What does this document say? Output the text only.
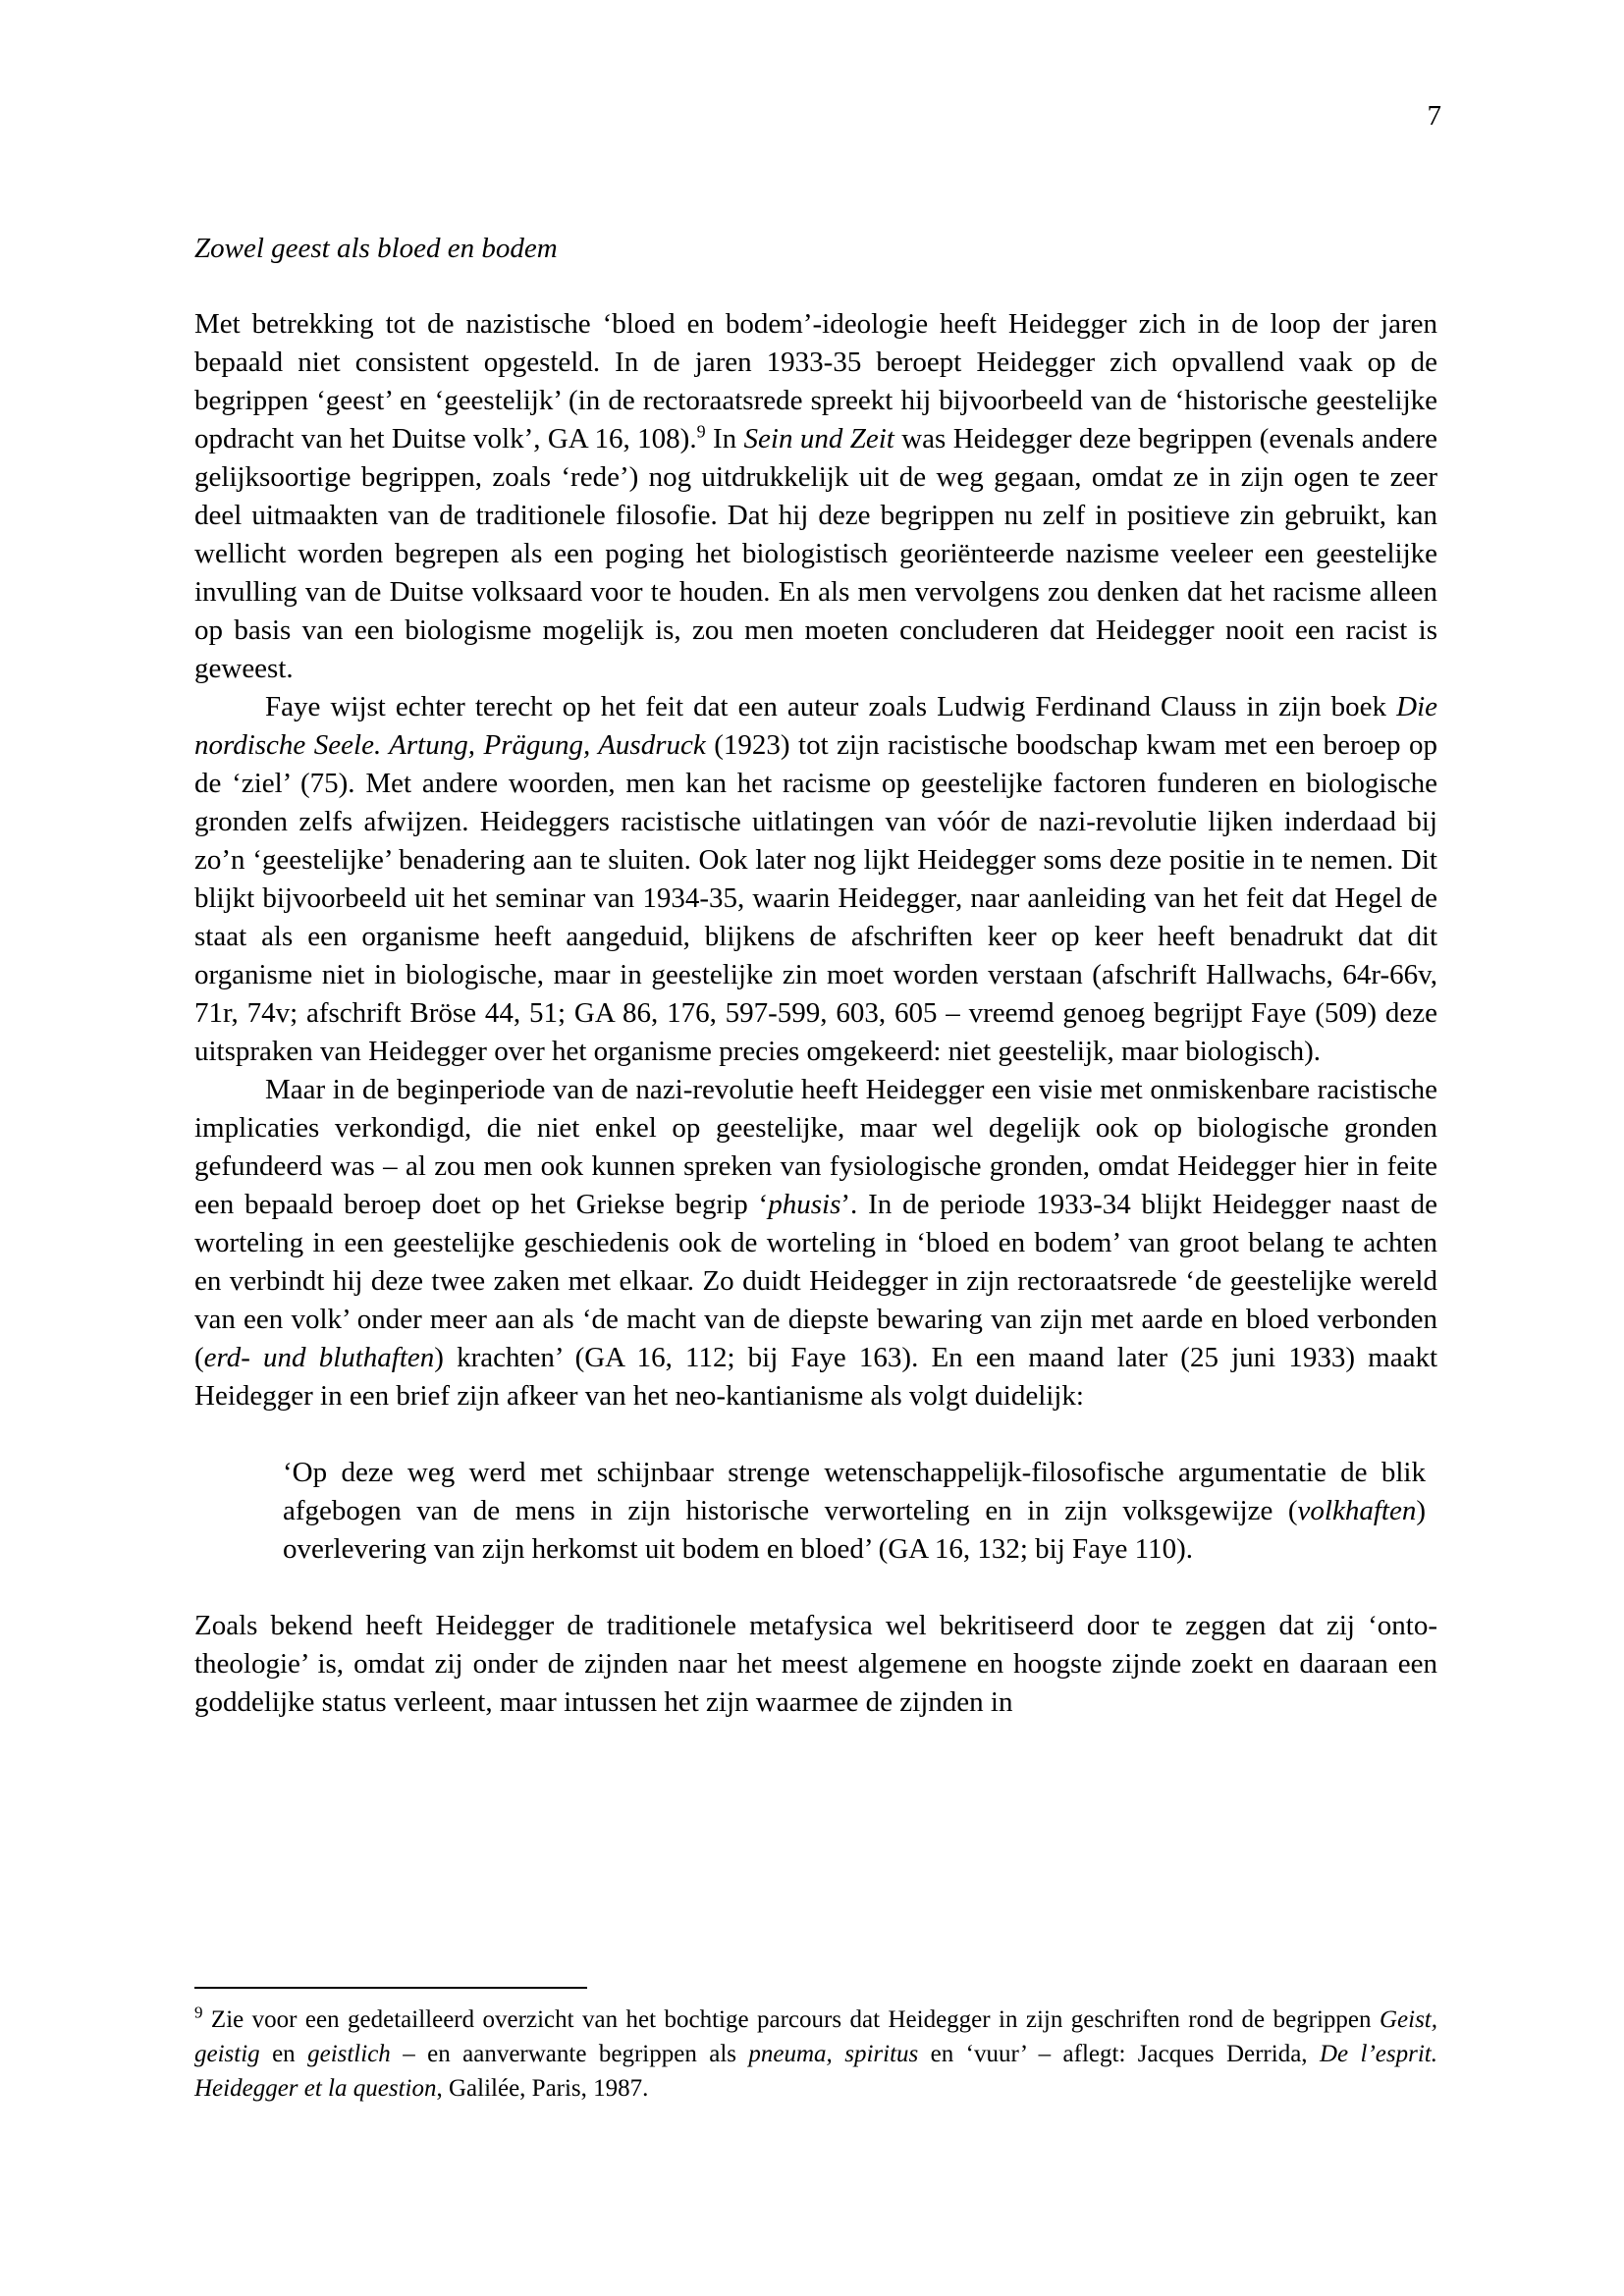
7

Zowel geest als bloed en bodem

Met betrekking tot de nazistische ‘bloed en bodem’-ideologie heeft Heidegger zich in de loop der jaren bepaald niet consistent opgesteld. In de jaren 1933-35 beroept Heidegger zich opvallend vaak op de begrippen ‘geest’ en ‘geestelijk’ (in de rectoraatsrede spreekt hij bijvoorbeeld van de ‘historische geestelijke opdracht van het Duitse volk’, GA 16, 108).$^9$ In Sein und Zeit was Heidegger deze begrippen (evenals andere gelijksoortige begrippen, zoals ‘rede’) nog uitdrukkelijk uit de weg gegaan, omdat ze in zijn ogen te zeer deel uitmaakten van de traditionele filosofie. Dat hij deze begrippen nu zelf in positieve zin gebruikt, kan wellicht worden begrepen als een poging het biologistisch georiënteerde nazisme veeleer een geestelijke invulling van de Duitse volksaard voor te houden. En als men vervolgens zou denken dat het racisme alleen op basis van een biologisme mogelijk is, zou men moeten concluderen dat Heidegger nooit een racist is geweest.

Faye wijst echter terecht op het feit dat een auteur zoals Ludwig Ferdinand Clauss in zijn boek Die nordische Seele. Artung, Prägung, Ausdruck (1923) tot zijn racistische boodschap kwam met een beroep op de ‘ziel’ (75). Met andere woorden, men kan het racisme op geestelijke factoren funderen en biologische gronden zelfs afwijzen. Heideggers racistische uitlatingen van vóór de nazi-revolutie lijken inderdaad bij zo’n ‘geestelijke’ benadering aan te sluiten. Ook later nog lijkt Heidegger soms deze positie in te nemen. Dit blijkt bijvoorbeeld uit het seminar van 1934-35, waarin Heidegger, naar aanleiding van het feit dat Hegel de staat als een organisme heeft aangeduid, blijkens de afschriften keer op keer heeft benadrukt dat dit organisme niet in biologische, maar in geestelijke zin moet worden verstaan (afschrift Hallwachs, 64r-66v, 71r, 74v; afschrift Bröse 44, 51; GA 86, 176, 597-599, 603, 605 – vreemd genoeg begrijpt Faye (509) deze uitspraken van Heidegger over het organisme precies omgekeerd: niet geestelijk, maar biologisch).

Maar in de beginperiode van de nazi-revolutie heeft Heidegger een visie met onmiskenbare racistische implicaties verkondigd, die niet enkel op geestelijke, maar wel degelijk ook op biologische gronden gefundeerd was – al zou men ook kunnen spreken van fysiologische gronden, omdat Heidegger hier in feite een bepaald beroep doet op het Griekse begrip ‘phusis’. In de periode 1933-34 blijkt Heidegger naast de worteling in een geestelijke geschiedenis ook de worteling in ‘bloed en bodem’ van groot belang te achten en verbindt hij deze twee zaken met elkaar. Zo duidt Heidegger in zijn rectoraatsrede ‘de geestelijke wereld van een volk’ onder meer aan als ‘de macht van de diepste bewaring van zijn met aarde en bloed verbonden (erd- und bluthaften) krachten’ (GA 16, 112; bij Faye 163). En een maand later (25 juni 1933) maakt Heidegger in een brief zijn afkeer van het neo-kantianisme als volgt duidelijk:

‘Op deze weg werd met schijnbaar strenge wetenschappelijk-filosofische argumentatie de blik afgebogen van de mens in zijn historische verworteling en in zijn volksgewijze (volkhaften) overlevering van zijn herkomst uit bodem en bloed’ (GA 16, 132; bij Faye 110).

Zoals bekend heeft Heidegger de traditionele metafysica wel bekritiseerd door te zeggen dat zij ‘onto-theologie’ is, omdat zij onder de zijnden naar het meest algemene en hoogste zijnde zoekt en daaraan een goddelijke status verleent, maar intussen het zijn waarmee de zijnden in

$^9$ Zie voor een gedetailleerd overzicht van het bochtige parcours dat Heidegger in zijn geschriften rond de begrippen Geist, geistig en geistlich – en aanverwante begrippen als pneuma, spiritus en ‘vuur’ – aflegt: Jacques Derrida, De l’esprit. Heidegger et la question, Galilée, Paris, 1987.
